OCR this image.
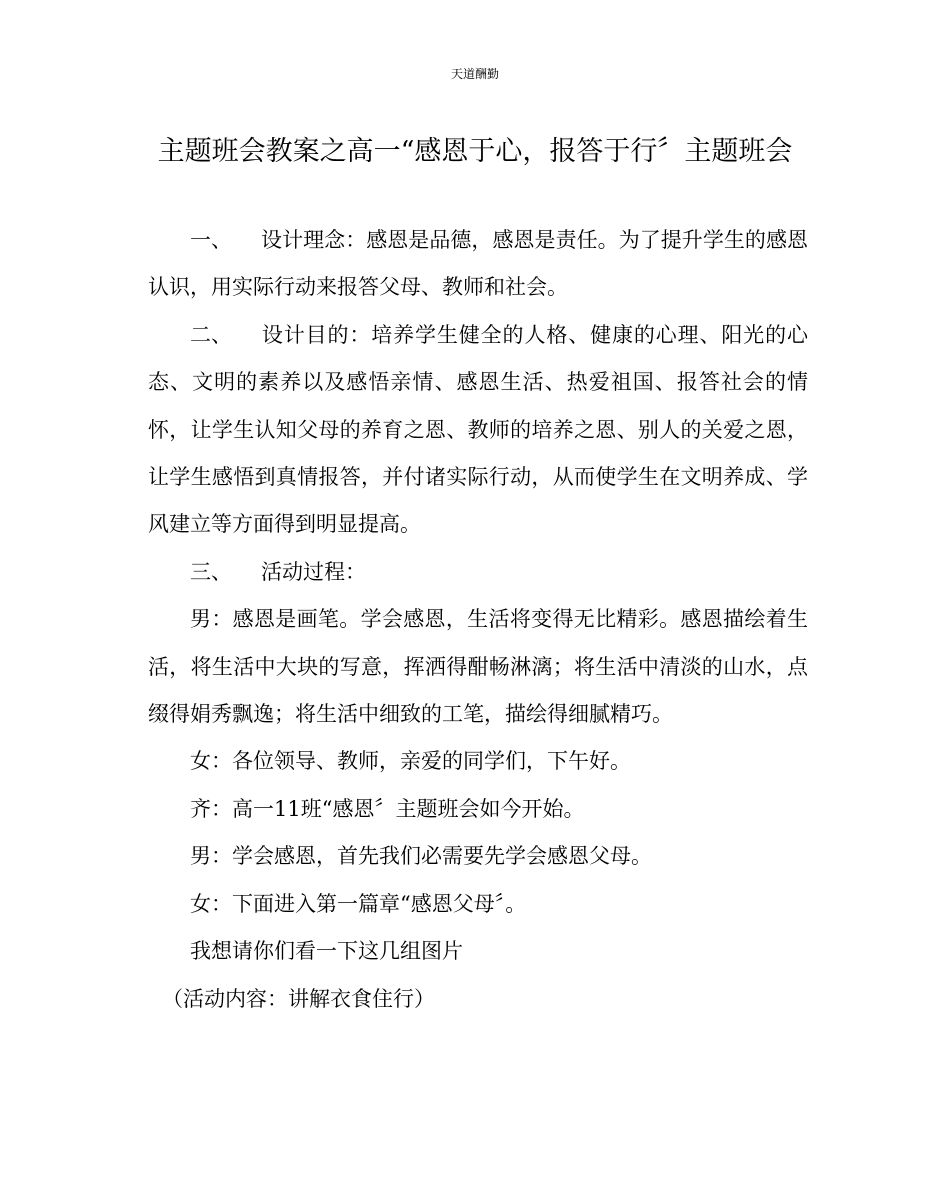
天道酬勤
主题班会教案之高一“感恩于心，报答于行〞主题班会

一、 设计理念：感恩是品德，感恩是责任。为了提升学生的感恩认识，用实际行动来报答父母、教师和社会。

二、 设计目的：培养学生健全的人格、健康的心理、阳光的心态、文明的素养以及感悟亲情、感恩生活、热爱祖国、报答社会的情怀，让学生认知父母的养育之恩、教师的培养之恩、别人的关爱之恩，让学生感悟到真情报答，并付诸实际行动，从而使学生在文明养成、学风建立等方面得到明显提高。

三、 活动过程：

男：感恩是画笔。学会感恩，生活将变得无比精彩。感恩描绘着生活，将生活中大块的写意，挥洒得酣畅淋漓；将生活中清淡的山水，点缀得娟秀飘逸；将生活中细致的工笔，描绘得细腻精巧。

女：各位领导、教师，亲爱的同学们，下午好。

齐：高一11班“感恩〞主题班会如今开始。

男：学会感恩，首先我们必需要先学会感恩父母。

女：下面进入第一篇章“感恩父母〞。

我想请你们看一下这几组图片

（活动内容：讲解衣食住行）
